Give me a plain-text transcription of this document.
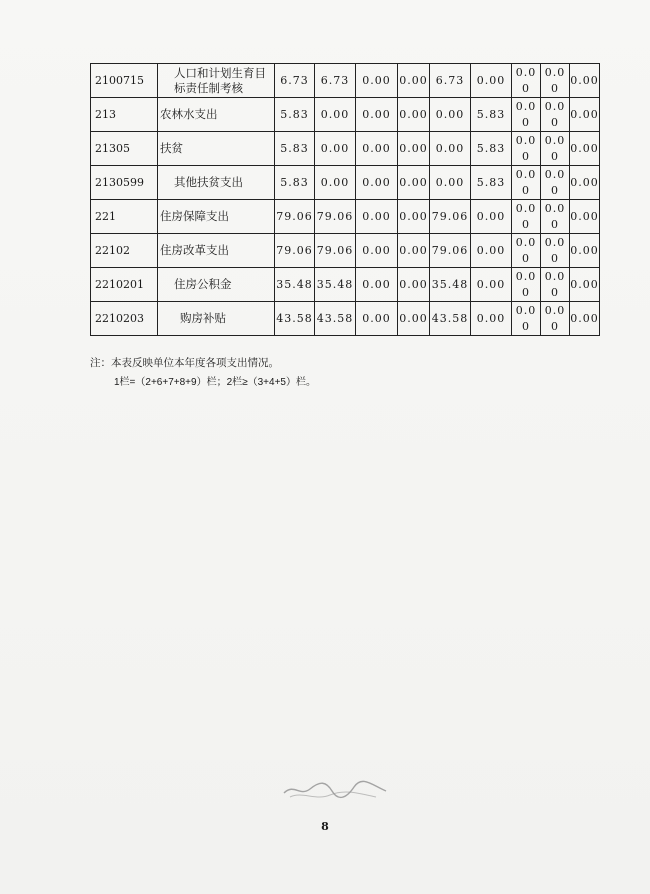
2100715	人口和计划生育目标责任制考核	6.73	6.73	0.00	0.00	6.73	0.00	0.00	0.00	0.00
213	农林水支出	5.83	0.00	0.00	0.00	0.00	5.83	0.00	0.00	0.00
21305	扶贫	5.83	0.00	0.00	0.00	0.00	5.83	0.00	0.00	0.00
2130599	其他扶贫支出	5.83	0.00	0.00	0.00	0.00	5.83	0.00	0.00	0.00
221	住房保障支出	79.06	79.06	0.00	0.00	79.06	0.00	0.00	0.00	0.00
22102	住房改革支出	79.06	79.06	0.00	0.00	79.06	0.00	0.00	0.00	0.00
2210201	住房公积金	35.48	35.48	0.00	0.00	35.48	0.00	0.00	0.00	0.00
2210203	购房补贴	43.58	43.58	0.00	0.00	43.58	0.00	0.00	0.00	0.00
注：本表反映单位本年度各项支出情况。
1栏=（2+6+7+8+9）栏；2栏≥（3+4+5）栏。
8
